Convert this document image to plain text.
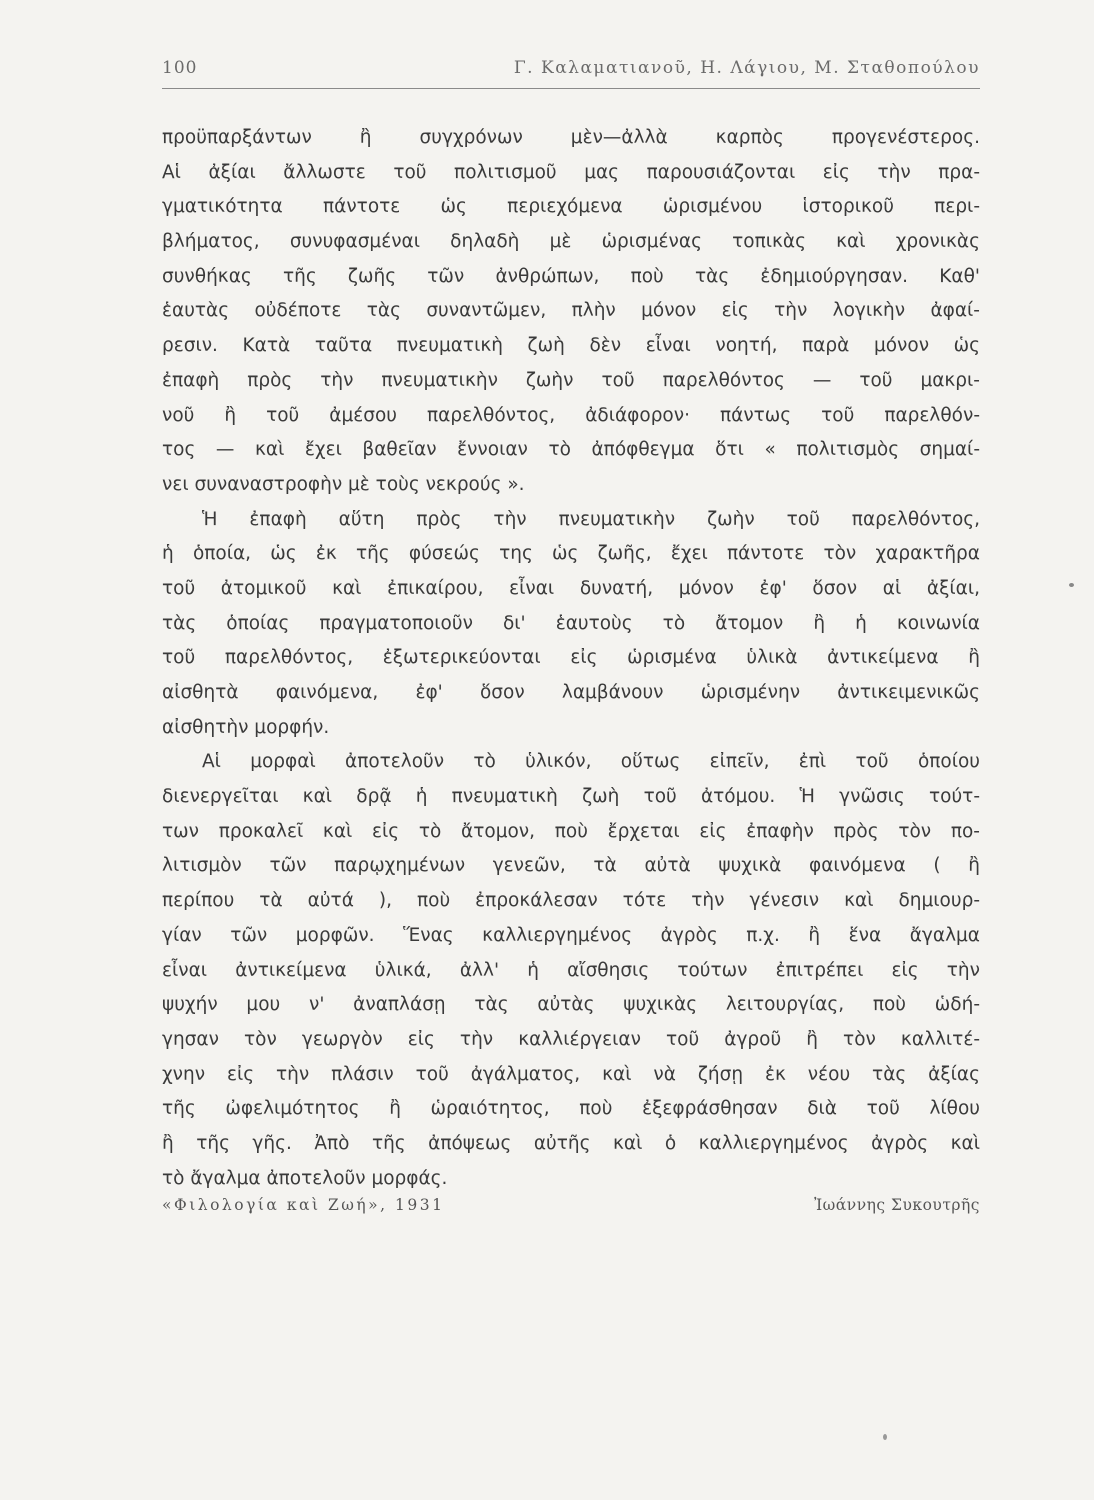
100	Γ. Καλαματιανοῦ, Η. Λάγιου, Μ. Σταθοπούλου
προϋπαρξάντων ἢ συγχρόνων μὲν—ἀλλὰ καρπὸς προγενέστερος.
Αἱ ἀξίαι ἄλλωστε τοῦ πολιτισμοῦ μας παρουσιάζονται εἰς τὴν πρα-
γματικότητα πάντοτε ὡς περιεχόμενα ὡρισμένου ἱστορικοῦ περι-
βλήματος, συνυφασμέναι δηλαδὴ μὲ ὡρισμένας τοπικὰς καὶ χρονικὰς
συνθήκας τῆς ζωῆς τῶν ἀνθρώπων, ποὺ τὰς ἐδημιούργησαν. Καθ'
ἑαυτὰς οὐδέποτε τὰς συναντῶμεν, πλὴν μόνον εἰς τὴν λογικὴν ἀφαί-
ρεσιν. Κατὰ ταῦτα πνευματικὴ ζωὴ δὲν εἶναι νοητή, παρὰ μόνον ὡς
ἐπαφὴ πρὸς τὴν πνευματικὴν ζωὴν τοῦ παρελθόντος — τοῦ μακρι-
νοῦ ἢ τοῦ ἀμέσου παρελθόντος, ἀδιάφορον· πάντως τοῦ παρελθόν-
τος — καὶ ἔχει βαθεῖαν ἔννοιαν τὸ ἀπόφθεγμα ὅτι « πολιτισμὸς σημαί-
νει συναναστροφὴν μὲ τοὺς νεκρούς ».
Ἡ ἐπαφὴ αὕτη πρὸς τὴν πνευματικὴν ζωὴν τοῦ παρελθόντος,
ἡ ὁποία, ὡς ἐκ τῆς φύσεώς της ὡς ζωῆς, ἔχει πάντοτε τὸν χαρακτῆρα
τοῦ ἀτομικοῦ καὶ ἐπικαίρου, εἶναι δυνατή, μόνον ἐφ' ὅσον αἱ ἀξίαι,
τὰς ὁποίας πραγματοποιοῦν δι' ἑαυτοὺς τὸ ἄτομον ἢ ἡ κοινωνία
τοῦ παρελθόντος, ἐξωτερικεύονται εἰς ὡρισμένα ὑλικὰ ἀντικείμενα ἢ
αἰσθητὰ φαινόμενα, ἐφ' ὅσον λαμβάνουν ὡρισμένην ἀντικειμενικῶς
αἰσθητὴν μορφήν.
Αἱ μορφαὶ ἀποτελοῦν τὸ ὑλικόν, οὕτως εἰπεῖν, ἐπὶ τοῦ ὁποίου
διενεργεῖται καὶ δρᾷ ἡ πνευματικὴ ζωὴ τοῦ ἀτόμου. Ἡ γνῶσις τούτ-
των προκαλεῖ καὶ εἰς τὸ ἄτομον, ποὺ ἔρχεται εἰς ἐπαφὴν πρὸς τὸν πο-
λιτισμὸν τῶν παρῳχημένων γενεῶν, τὰ αὐτὰ ψυχικὰ φαινόμενα ( ἢ
περίπου τὰ αὐτά ), ποὺ ἐπροκάλεσαν τότε τὴν γένεσιν καὶ δημιουρ-
γίαν τῶν μορφῶν. Ἕνας καλλιεργημένος ἀγρὸς π.χ. ἢ ἕνα ἄγαλμα
εἶναι ἀντικείμενα ὑλικά, ἀλλ' ἡ αἴσθησις τούτων ἐπιτρέπει εἰς τὴν
ψυχήν μου ν' ἀναπλάσῃ τὰς αὐτὰς ψυχικὰς λειτουργίας, ποὺ ὡδή-
γησαν τὸν γεωργὸν εἰς τὴν καλλιέργειαν τοῦ ἀγροῦ ἢ τὸν καλλιτέ-
χνην εἰς τὴν πλάσιν τοῦ ἀγάλματος, καὶ νὰ ζήσῃ ἐκ νέου τὰς ἀξίας
τῆς ὠφελιμότητος ἢ ὡραιότητος, ποὺ ἐξεφράσθησαν διὰ τοῦ λίθου
ἢ τῆς γῆς. Ἀπὸ τῆς ἀπόψεως αὐτῆς καὶ ὁ καλλιεργημένος ἀγρὸς καὶ
τὸ ἄγαλμα ἀποτελοῦν μορφάς.
«Φιλολογία καὶ Ζωή», 1931	Ἰωάννης Συκουτρῆς
